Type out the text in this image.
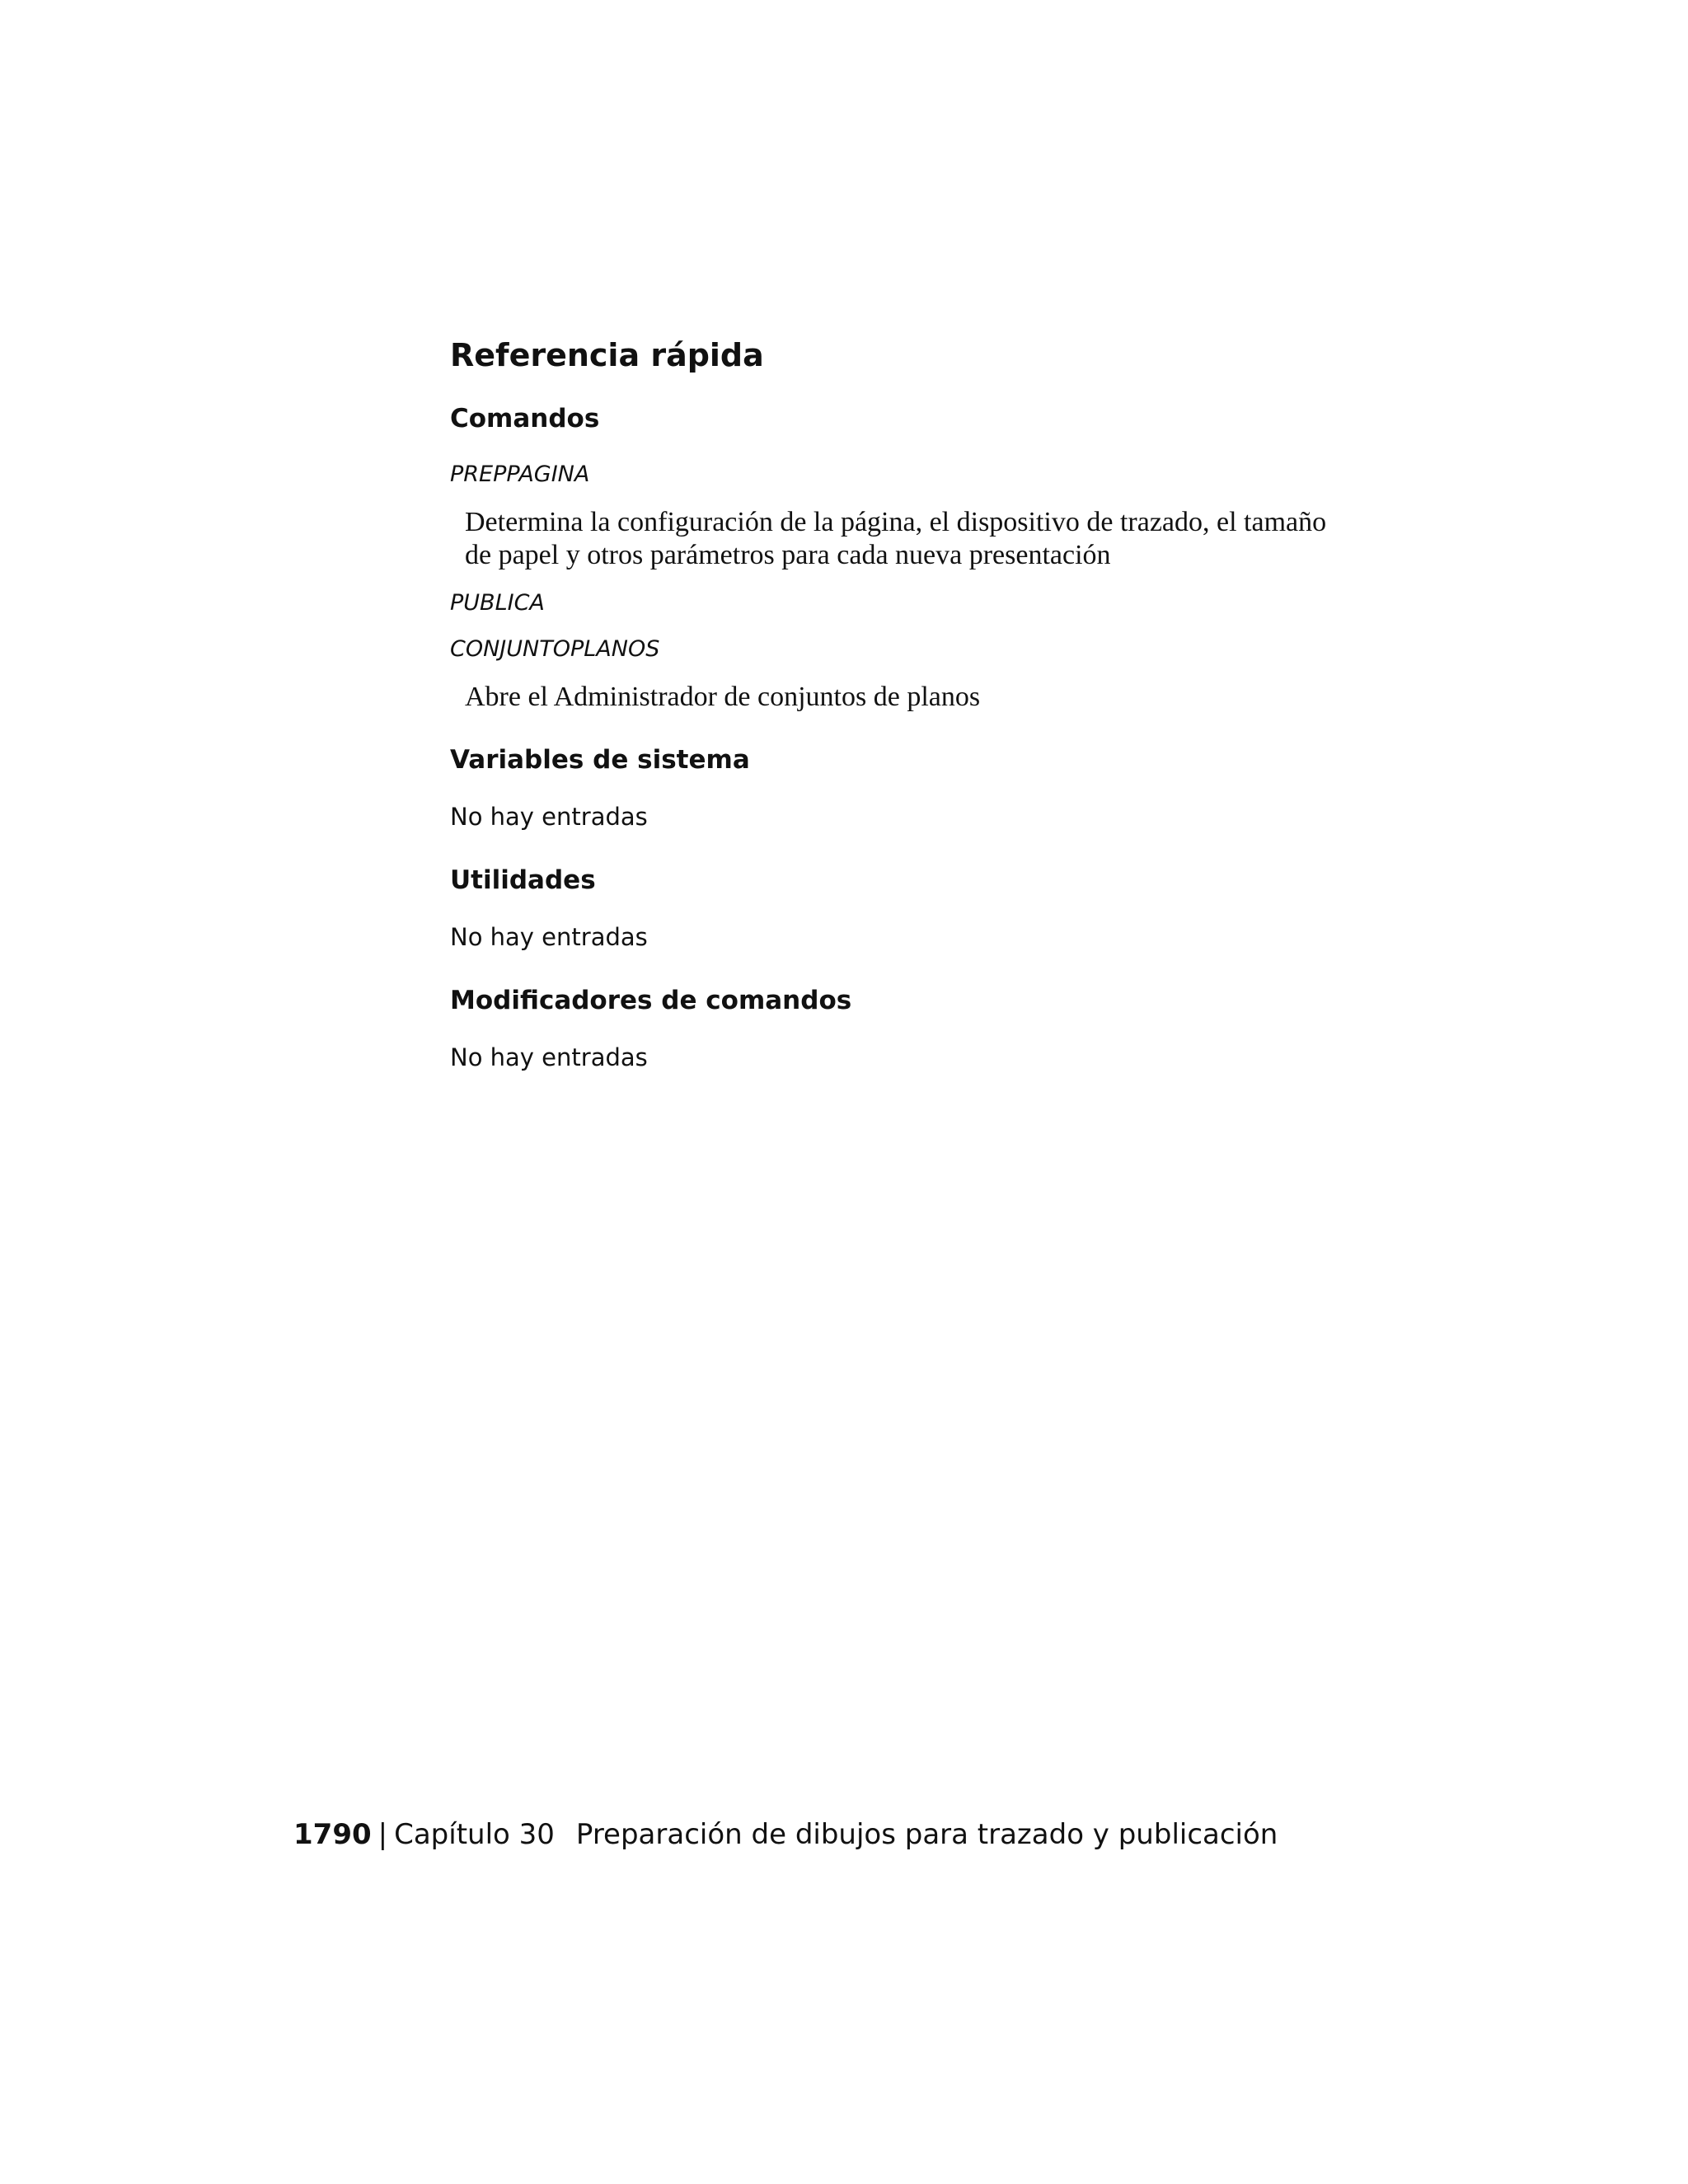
Referencia rápida
Comandos
PREPPAGINA
Determina la configuración de la página, el dispositivo de trazado, el tamaño de papel y otros parámetros para cada nueva presentación
PUBLICA
CONJUNTOPLANOS
Abre el Administrador de conjuntos de planos
Variables de sistema
No hay entradas
Utilidades
No hay entradas
Modificadores de comandos
No hay entradas
1790 | Capítulo 30 Preparación de dibujos para trazado y publicación
